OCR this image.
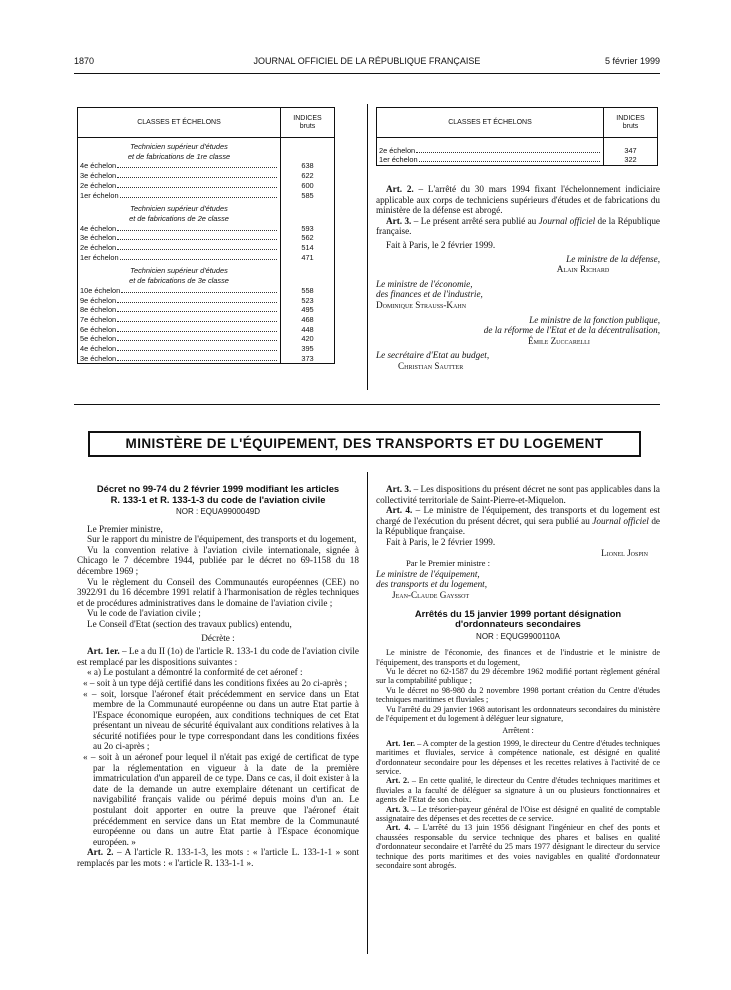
1870	JOURNAL OFFICIEL DE LA RÉPUBLIQUE FRANÇAISE	5 février 1999
CLASSES ET ÉCHELONS	INDICES
bruts
Technicien supérieur d'études
et de fabrications de 1re classe	

4e échelon	638

3e échelon	622

2e échelon	600

1er échelon	585
Technicien supérieur d'études
et de fabrications de 2e classe	

4e échelon	593

3e échelon	562

2e échelon	514

1er échelon	471
Technicien supérieur d'études
et de fabrications de 3e classe	

10e échelon	558

9e échelon	523

8e échelon	495

7e échelon	468

6e échelon	448

5e échelon	420

4e échelon	395

3e échelon	373
CLASSES ET ÉCHELONS	INDICES
bruts

2e échelon	347

1er échelon	322

Art. 2. – L'arrêté du 30 mars 1994 fixant l'échelonnement indiciaire applicable aux corps de techniciens supérieurs d'études et de fabrications du ministère de la défense est abrogé.

Art. 3. – Le présent arrêté sera publié au Journal officiel de la République française.

Fait à Paris, le 2 février 1999.

Le ministre de la défense,

Alain Richard

Le ministre de l'économie,

des finances et de l'industrie,

Dominique Strauss-Kahn

Le ministre de la fonction publique,

de la réforme de l'Etat et de la décentralisation,

Émile Zuccarelli

Le secrétaire d'Etat au budget,

Christian Sautter

MINISTÈRE DE L'ÉQUIPEMENT, DES TRANSPORTS ET DU LOGEMENT
Décret no 99-74 du 2 février 1999 modifiant les articles R. 133-1 et R. 133-1-3 du code de l'aviation civile
NOR : EQUA9900049D

Le Premier ministre,

Sur le rapport du ministre de l'équipement, des transports et du logement,

Vu la convention relative à l'aviation civile internationale, signée à Chicago le 7 décembre 1944, publiée par le décret no 69-1158 du 18 décembre 1969 ;

Vu le règlement du Conseil des Communautés européennes (CEE) no 3922/91 du 16 décembre 1991 relatif à l'harmonisation de règles techniques et de procédures administratives dans le domaine de l'aviation civile ;

Vu le code de l'aviation civile ;

Le Conseil d'Etat (section des travaux publics) entendu,

Décrète :

Art. 1er. – Le a du II (1o) de l'article R. 133-1 du code de l'aviation civile est remplacé par les dispositions suivantes :

« a) Le postulant a démontré la conformité de cet aéronef :

« – soit à un type déjà certifié dans les conditions fixées au 2o ci-après ;

« – soit, lorsque l'aéronef était précédemment en service dans un Etat membre de la Communauté européenne ou dans un autre Etat partie à l'Espace économique européen, aux conditions techniques de cet Etat présentant un niveau de sécurité équivalant aux conditions relatives à la sécurité notifiées pour le type correspondant dans les conditions fixées au 2o ci-après ;

« – soit à un aéronef pour lequel il n'était pas exigé de certificat de type par la réglementation en vigueur à la date de la première immatriculation d'un appareil de ce type. Dans ce cas, il doit exister à la date de la demande un autre exemplaire détenant un certificat de navigabilité français valide ou périmé depuis moins d'un an. Le postulant doit apporter en outre la preuve que l'aéronef était précédemment en service dans un Etat membre de la Communauté européenne ou dans un autre Etat partie à l'Espace économique européen. »

Art. 2. – A l'article R. 133-1-3, les mots : « l'article L. 133-1-1 » sont remplacés par les mots : « l'article R. 133-1-1 ».

Art. 3. – Les dispositions du présent décret ne sont pas applicables dans la collectivité territoriale de Saint-Pierre-et-Miquelon.

Art. 4. – Le ministre de l'équipement, des transports et du logement est chargé de l'exécution du présent décret, qui sera publié au Journal officiel de la République française.

Fait à Paris, le 2 février 1999.

Lionel Jospin

Par le Premier ministre :

Le ministre de l'équipement,

des transports et du logement,

Jean-Claude Gayssot

Arrêtés du 15 janvier 1999 portant désignation d'ordonnateurs secondaires
NOR : EQUG9900110A

Le ministre de l'économie, des finances et de l'industrie et le ministre de l'équipement, des transports et du logement,

Vu le décret no 62-1587 du 29 décembre 1962 modifié portant règlement général sur la comptabilité publique ;

Vu le décret no 98-980 du 2 novembre 1998 portant création du Centre d'études techniques maritimes et fluviales ;

Vu l'arrêté du 29 janvier 1968 autorisant les ordonnateurs secondaires du ministère de l'équipement et du logement à déléguer leur signature,

Arrêtent :

Art. 1er. – A compter de la gestion 1999, le directeur du Centre d'études techniques maritimes et fluviales, service à compétence nationale, est désigné en qualité d'ordonnateur secondaire pour les dépenses et les recettes relatives à l'activité de ce service.

Art. 2. – En cette qualité, le directeur du Centre d'études techniques maritimes et fluviales a la faculté de déléguer sa signature à un ou plusieurs fonctionnaires et agents de l'Etat de son choix.

Art. 3. – Le trésorier-payeur général de l'Oise est désigné en qualité de comptable assignataire des dépenses et des recettes de ce service.

Art. 4. – L'arrêté du 13 juin 1956 désignant l'ingénieur en chef des ponts et chaussées responsable du service technique des phares et balises en qualité d'ordonnateur secondaire et l'arrêté du 25 mars 1977 désignant le directeur du service technique des ports maritimes et des voies navigables en qualité d'ordonnateur secondaire sont abrogés.
